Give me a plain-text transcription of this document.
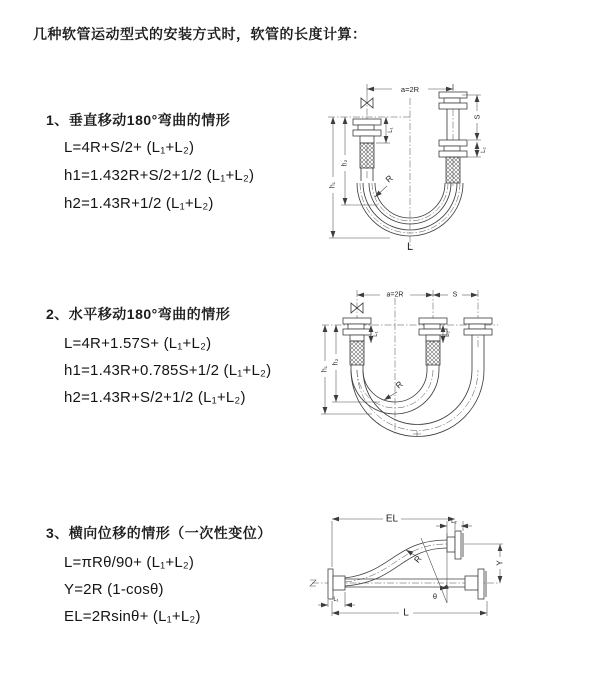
几种软管运动型式的安装方式时，软管的长度计算：
1、垂直移动180°弯曲的情形
L=4R+S/2+ (L₁+L₂)
h1=1.432R+S/2+1/2 (L₁+L₂)
h2=1.43R+1/2 (L₁+L₂)
2、水平移动180°弯曲的情形
L=4R+1.57S+ (L₁+L₂)
h1=1.43R+0.785S+1/2 (L₁+L₂)
h2=1.43R+S/2+1/2 (L₁+L₂)
3、横向位移的情形（一次性变位）
L=πRθ/90+ (L₁+L₂)
Y=2R (1-cosθ)
EL=2Rsinθ+ (L₁+L₂)
a=2R
h₁
h₂
L₁
S
L₂
R
L
a=2R	S
h₁
h₂
L₁	L₂
R
EL	L₂
Y
θ
R
L₁
L
